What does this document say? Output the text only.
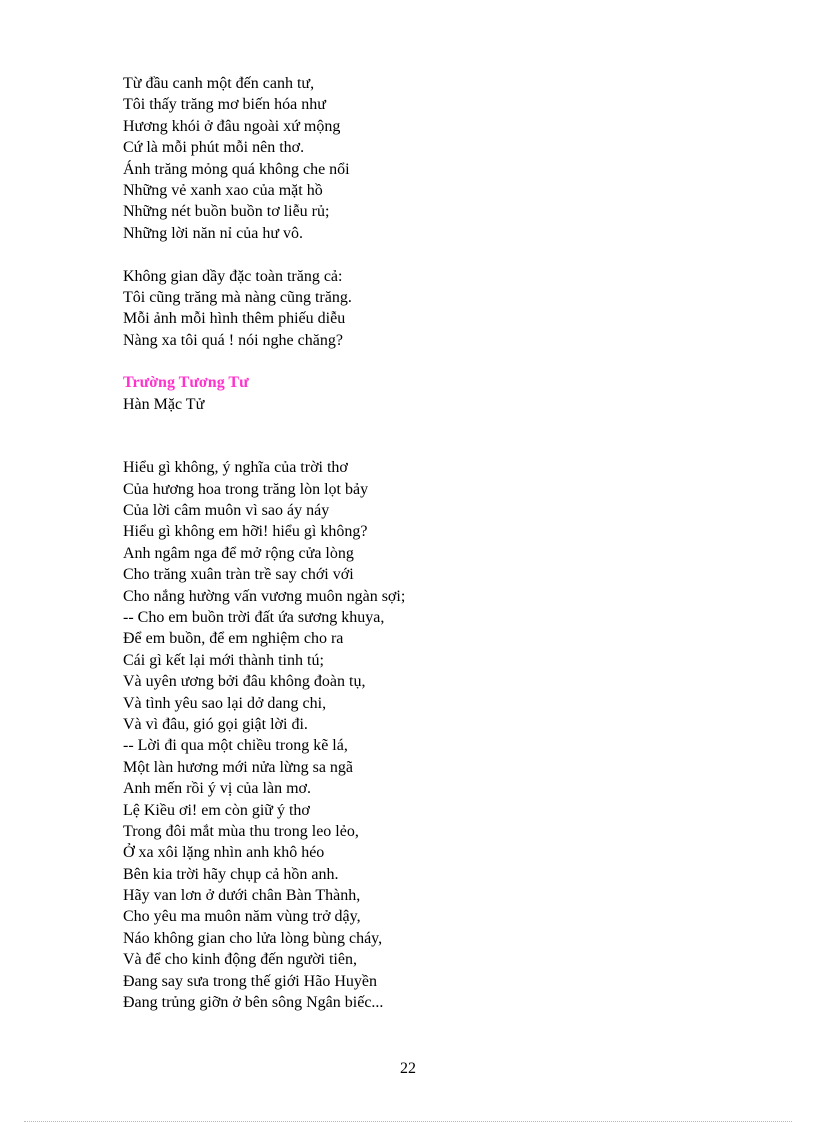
Từ đầu canh một đến canh tư,
Tôi thấy trăng mơ biến hóa như
Hương khói ở đâu ngoài xứ mộng
Cứ là mỗi phút mỗi nên thơ.
Ánh trăng mỏng quá không che nổi
Những vẻ xanh xao của mặt hồ
Những nét buồn buồn tơ liễu rủ;
Những lời năn nỉ của hư vô.
Không gian dầy đặc toàn trăng cả:
Tôi cũng trăng mà nàng cũng trăng.
Mỗi ảnh mỗi hình thêm phiếu diễu
Nàng xa tôi quá ! nói nghe chăng?
Trường Tương Tư
Hàn Mặc Tử
Hiểu gì không, ý nghĩa của trời thơ
Của hương hoa trong trăng lòn lọt bảy
Của lời câm muôn vì sao áy náy
Hiểu gì không em hỡi! hiểu gì không?
Anh ngâm nga để mở rộng cửa lòng
Cho trăng xuân tràn trề say chới với
Cho nắng hường vấn vương muôn ngàn sợi;
-- Cho em buồn trời đất ứa sương khuya,
Để em buồn, để em nghiệm cho ra
Cái gì kết lại mới thành tinh tú;
Và uyên ương bởi đâu không đoàn tụ,
Và tình yêu sao lại dở dang chi,
Và vì đâu, gió gọi giật lời đi.
-- Lời đi qua một chiều trong kẽ lá,
Một làn hương mới nửa lừng sa ngã
Anh mến rồi ý vị của làn mơ.
Lệ Kiều ơi! em còn giữ ý thơ
Trong đôi mắt mùa thu trong leo lẻo,
Ở xa xôi lặng nhìn anh khô héo
Bên kia trời hãy chụp cả hồn anh.
Hãy van lơn ở dưới chân Bàn Thành,
Cho yêu ma muôn năm vùng trở dậy,
Náo không gian cho lửa lòng bùng cháy,
Và để cho kinh động đến người tiên,
Đang say sưa trong thế giới Hão Huyền
Đang trủng giỡn ở bên sông Ngân biếc...
22
